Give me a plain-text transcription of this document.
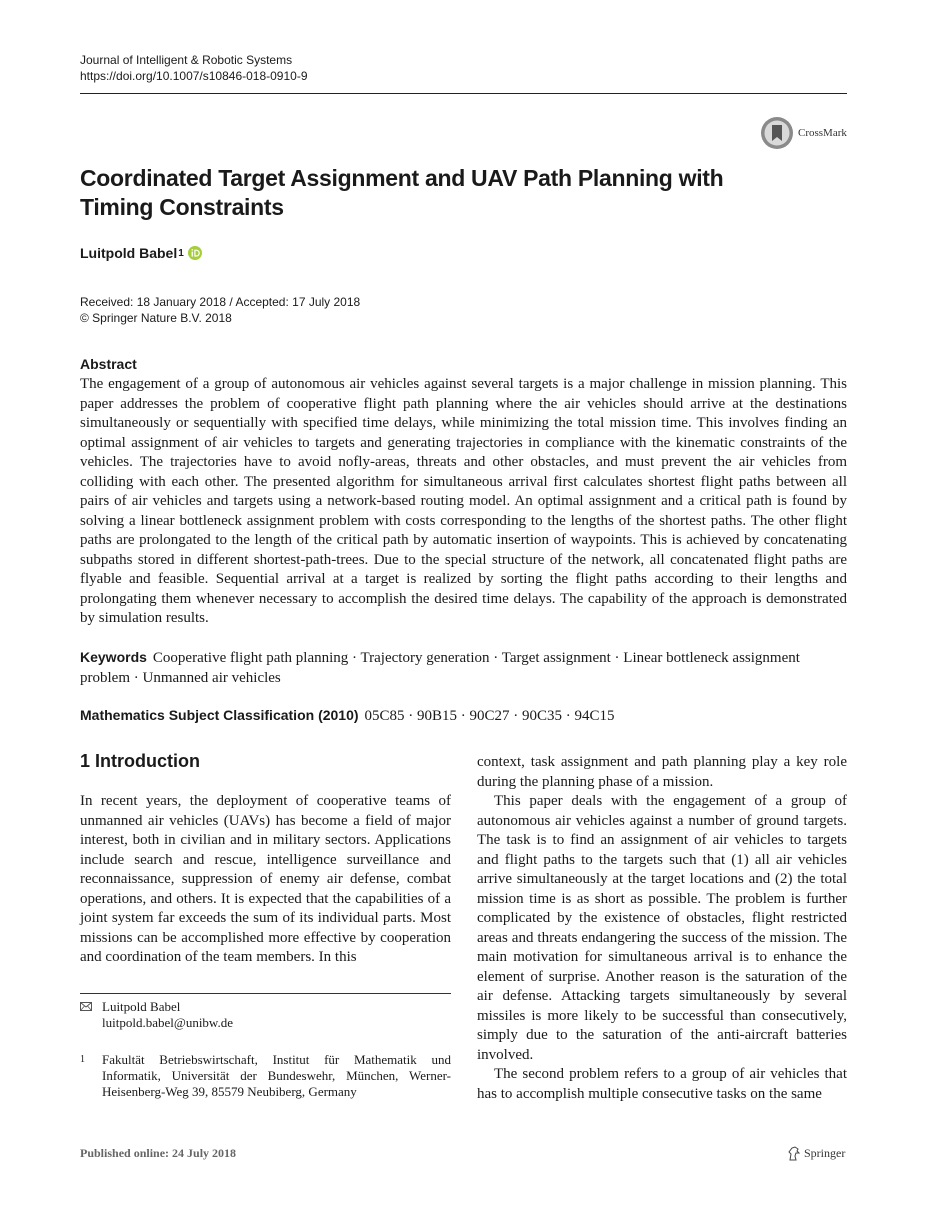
Journal of Intelligent & Robotic Systems
https://doi.org/10.1007/s10846-018-0910-9
CrossMark
Coordinated Target Assignment and UAV Path Planning with Timing Constraints
Luitpold Babel 1
Received: 18 January 2018 / Accepted: 17 July 2018
© Springer Nature B.V. 2018
Abstract
The engagement of a group of autonomous air vehicles against several targets is a major challenge in mission planning. This paper addresses the problem of cooperative flight path planning where the air vehicles should arrive at the destinations simultaneously or sequentially with specified time delays, while minimizing the total mission time. This involves finding an optimal assignment of air vehicles to targets and generating trajectories in compliance with the kinematic constraints of the vehicles. The trajectories have to avoid nofly-areas, threats and other obstacles, and must prevent the air vehicles from colliding with each other. The presented algorithm for simultaneous arrival first calculates shortest flight paths between all pairs of air vehicles and targets using a network-based routing model. An optimal assignment and a critical path is found by solving a linear bottleneck assignment problem with costs corresponding to the lengths of the shortest paths. The other flight paths are prolongated to the length of the critical path by automatic insertion of waypoints. This is achieved by concatenating subpaths stored in different shortest-path-trees. Due to the special structure of the network, all concatenated flight paths are flyable and feasible. Sequential arrival at a target is realized by sorting the flight paths according to their lengths and prolongating them whenever necessary to accomplish the desired time delays. The capability of the approach is demonstrated by simulation results.
Keywords Cooperative flight path planning · Trajectory generation · Target assignment · Linear bottleneck assignment problem · Unmanned air vehicles
Mathematics Subject Classification (2010) 05C85 · 90B15 · 90C27 · 90C35 · 94C15
1 Introduction

In recent years, the deployment of cooperative teams of unmanned air vehicles (UAVs) has become a field of major interest, both in civilian and in military sectors. Applications include search and rescue, intelligence surveillance and reconnaissance, suppression of enemy air defense, combat operations, and others. It is expected that the capabilities of a joint system far exceeds the sum of its individual parts. Most missions can be accomplished more effective by cooperation and coordination of the team members. In this

Luitpold Babel
luitpold.babel@unibw.de
1	Fakultät Betriebswirtschaft, Institut für Mathematik und Informatik, Universität der Bundeswehr, München, Werner-Heisenberg-Weg 39, 85579 Neubiberg, Germany

context, task assignment and path planning play a key role during the planning phase of a mission.

This paper deals with the engagement of a group of autonomous air vehicles against a number of ground targets. The task is to find an assignment of air vehicles to targets and flight paths to the targets such that (1) all air vehicles arrive simultaneously at the target locations and (2) the total mission time is as short as possible. The problem is further complicated by the existence of obstacles, flight restricted areas and threats endangering the success of the mission. The main motivation for simultaneous arrival is to enhance the element of surprise. Another reason is the saturation of the air defense. Attacking targets simultaneously by several missiles is more likely to be successful than consecutively, simply due to the saturation of the anti-aircraft batteries involved.

The second problem refers to a group of air vehicles that has to accomplish multiple consecutive tasks on the same

Published online: 24 July 2018	Springer
